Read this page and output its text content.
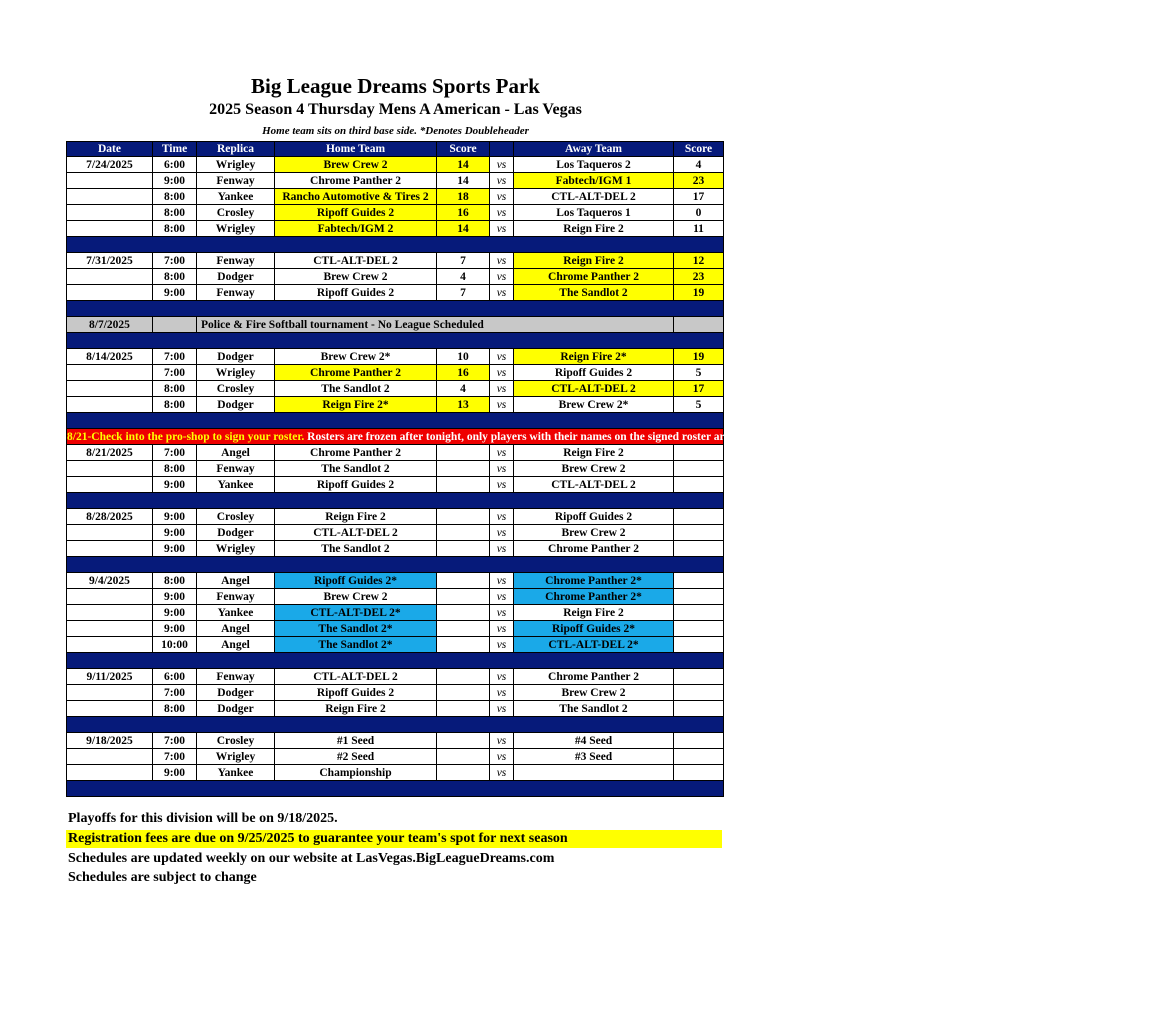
Big League Dreams Sports Park
2025 Season 4 Thursday Mens A American - Las Vegas
Home team sits on third base side. *Denotes Doubleheader
Date	Time	Replica	Home Team	Score		Away Team	Score
7/24/2025	6:00	Wrigley	Brew Crew 2	14	vs	Los Taqueros 2	4
	9:00	Fenway	Chrome Panther 2	14	vs	Fabtech/IGM 1	23
	8:00	Yankee	Rancho Automotive & Tires 2	18	vs	CTL-ALT-DEL 2	17
	8:00	Crosley	Ripoff Guides 2	16	vs	Los Taqueros 1	0
	8:00	Wrigley	Fabtech/IGM 2	14	vs	Reign Fire 2	11

7/31/2025	7:00	Fenway	CTL-ALT-DEL 2	7	vs	Reign Fire 2	12
	8:00	Dodger	Brew Crew 2	4	vs	Chrome Panther 2	23
	9:00	Fenway	Ripoff Guides 2	7	vs	The Sandlot 2	19

8/7/2025		Police & Fire Softball tournament - No League Scheduled					

8/14/2025	7:00	Dodger	Brew Crew 2*	10	vs	Reign Fire 2*	19
	7:00	Wrigley	Chrome Panther 2	16	vs	Ripoff Guides 2	5
	8:00	Crosley	The Sandlot 2	4	vs	CTL-ALT-DEL 2	17
	8:00	Dodger	Reign Fire 2*	13	vs	Brew Crew 2*	5

8/21-Check into the pro-shop to sign your roster. Rosters are frozen after tonight, only players with their names on the signed roster are eligible for playoffs. Please check carefully as changes will not be made for omissions.							
8/21/2025	7:00	Angel	Chrome Panther 2		vs	Reign Fire 2	
	8:00	Fenway	The Sandlot 2		vs	Brew Crew 2	
	9:00	Yankee	Ripoff Guides 2		vs	CTL-ALT-DEL 2	

8/28/2025	9:00	Crosley	Reign Fire 2		vs	Ripoff Guides 2	
	9:00	Dodger	CTL-ALT-DEL 2		vs	Brew Crew 2	
	9:00	Wrigley	The Sandlot 2		vs	Chrome Panther 2	

9/4/2025	8:00	Angel	Ripoff Guides 2*		vs	Chrome Panther 2*	
	9:00	Fenway	Brew Crew 2		vs	Chrome Panther 2*	
	9:00	Yankee	CTL-ALT-DEL 2*		vs	Reign Fire 2	
	9:00	Angel	The Sandlot 2*		vs	Ripoff Guides 2*	
	10:00	Angel	The Sandlot 2*		vs	CTL-ALT-DEL 2*	

9/11/2025	6:00	Fenway	CTL-ALT-DEL 2		vs	Chrome Panther 2	
	7:00	Dodger	Ripoff Guides 2		vs	Brew Crew 2	
	8:00	Dodger	Reign Fire 2		vs	The Sandlot 2	

9/18/2025	7:00	Crosley	#1 Seed		vs	#4 Seed	
	7:00	Wrigley	#2 Seed		vs	#3 Seed	
	9:00	Yankee	Championship		vs		

Playoffs for this division will be on 9/18/2025.
Registration fees are due on 9/25/2025 to guarantee your team's spot for next season
Schedules are updated weekly on our website at LasVegas.BigLeagueDreams.com
Schedules are subject to change
